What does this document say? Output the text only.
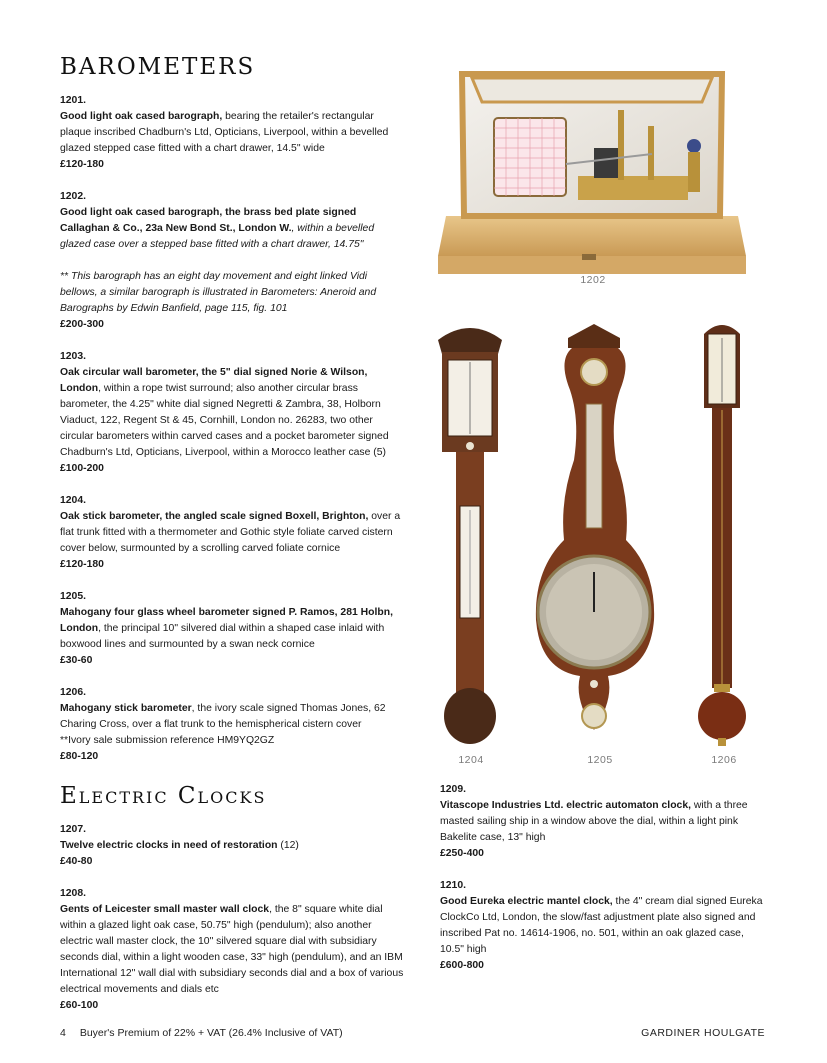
BAROMETERS
Electric Clocks

1201.

Good light oak cased barograph, bearing the retailer's rectangular plaque inscribed Chadburn's Ltd, Opticians, Liverpool, within a bevelled glazed stepped case fitted with a chart drawer, 14.5" wide

£120-180

1202.

Good light oak cased barograph, the brass bed plate signed Callaghan & Co., 23a New Bond St., London W., within a bevelled glazed case over a stepped base fitted with a chart drawer, 14.75"

** This barograph has an eight day movement and eight linked Vidi bellows, a similar barograph is illustrated in Barometers: Aneroid and Barographs by Edwin Banfield, page 115, fig. 101

£200-300

1203.

Oak circular wall barometer, the 5" dial signed Norie & Wilson, London, within a rope twist surround; also another circular brass barometer, the 4.25" white dial signed Negretti & Zambra, 38, Holborn Viaduct, 122, Regent St & 45, Cornhill, London no. 26283, two other circular barometers within carved cases and a pocket barometer signed Chadburn's Ltd, Opticians, Liverpool, within a Morocco leather case (5)

£100-200

1204.

Oak stick barometer, the angled scale signed Boxell, Brighton, over a flat trunk fitted with a thermometer and Gothic style foliate carved cistern cover below, surmounted by a scrolling carved foliate cornice

£120-180

1205.

Mahogany four glass wheel barometer signed P. Ramos, 281 Holbn, London, the principal 10" silvered dial within a shaped case inlaid with boxwood lines and surmounted by a swan neck cornice

£30-60

1206.

Mahogany stick barometer, the ivory scale signed Thomas Jones, 62 Charing Cross, over a flat trunk to the hemispherical cistern cover

**Ivory sale submission reference HM9YQ2GZ

£80-120

1207.

Twelve electric clocks in need of restoration (12)

£40-80

1208.

Gents of Leicester small master wall clock, the 8" square white dial within a glazed light oak case, 50.75" high (pendulum); also another electric wall master clock, the 10" silvered square dial with subsidiary seconds dial, within a light wooden case, 33" high (pendulum), and an IBM International 12" wall dial with subsidiary seconds dial and a box of various electrical movements and dials etc

£60-100

1209.

Vitascope Industries Ltd. electric automaton clock, with a three masted sailing ship in a window above the dial, within a light pink Bakelite case, 13" high

£250-400

1210.

Good Eureka electric mantel clock, the 4" cream dial signed Eureka ClockCo Ltd, London, the slow/fast adjustment plate also signed and inscribed Pat no. 14614-1906, no. 501, within an oak glazed case, 10.5" high

£600-800

1202
1204	1205	1206
4 Buyer's Premium of 22% + VAT (26.4% Inclusive of VAT)	GARDINER HOULGATE
